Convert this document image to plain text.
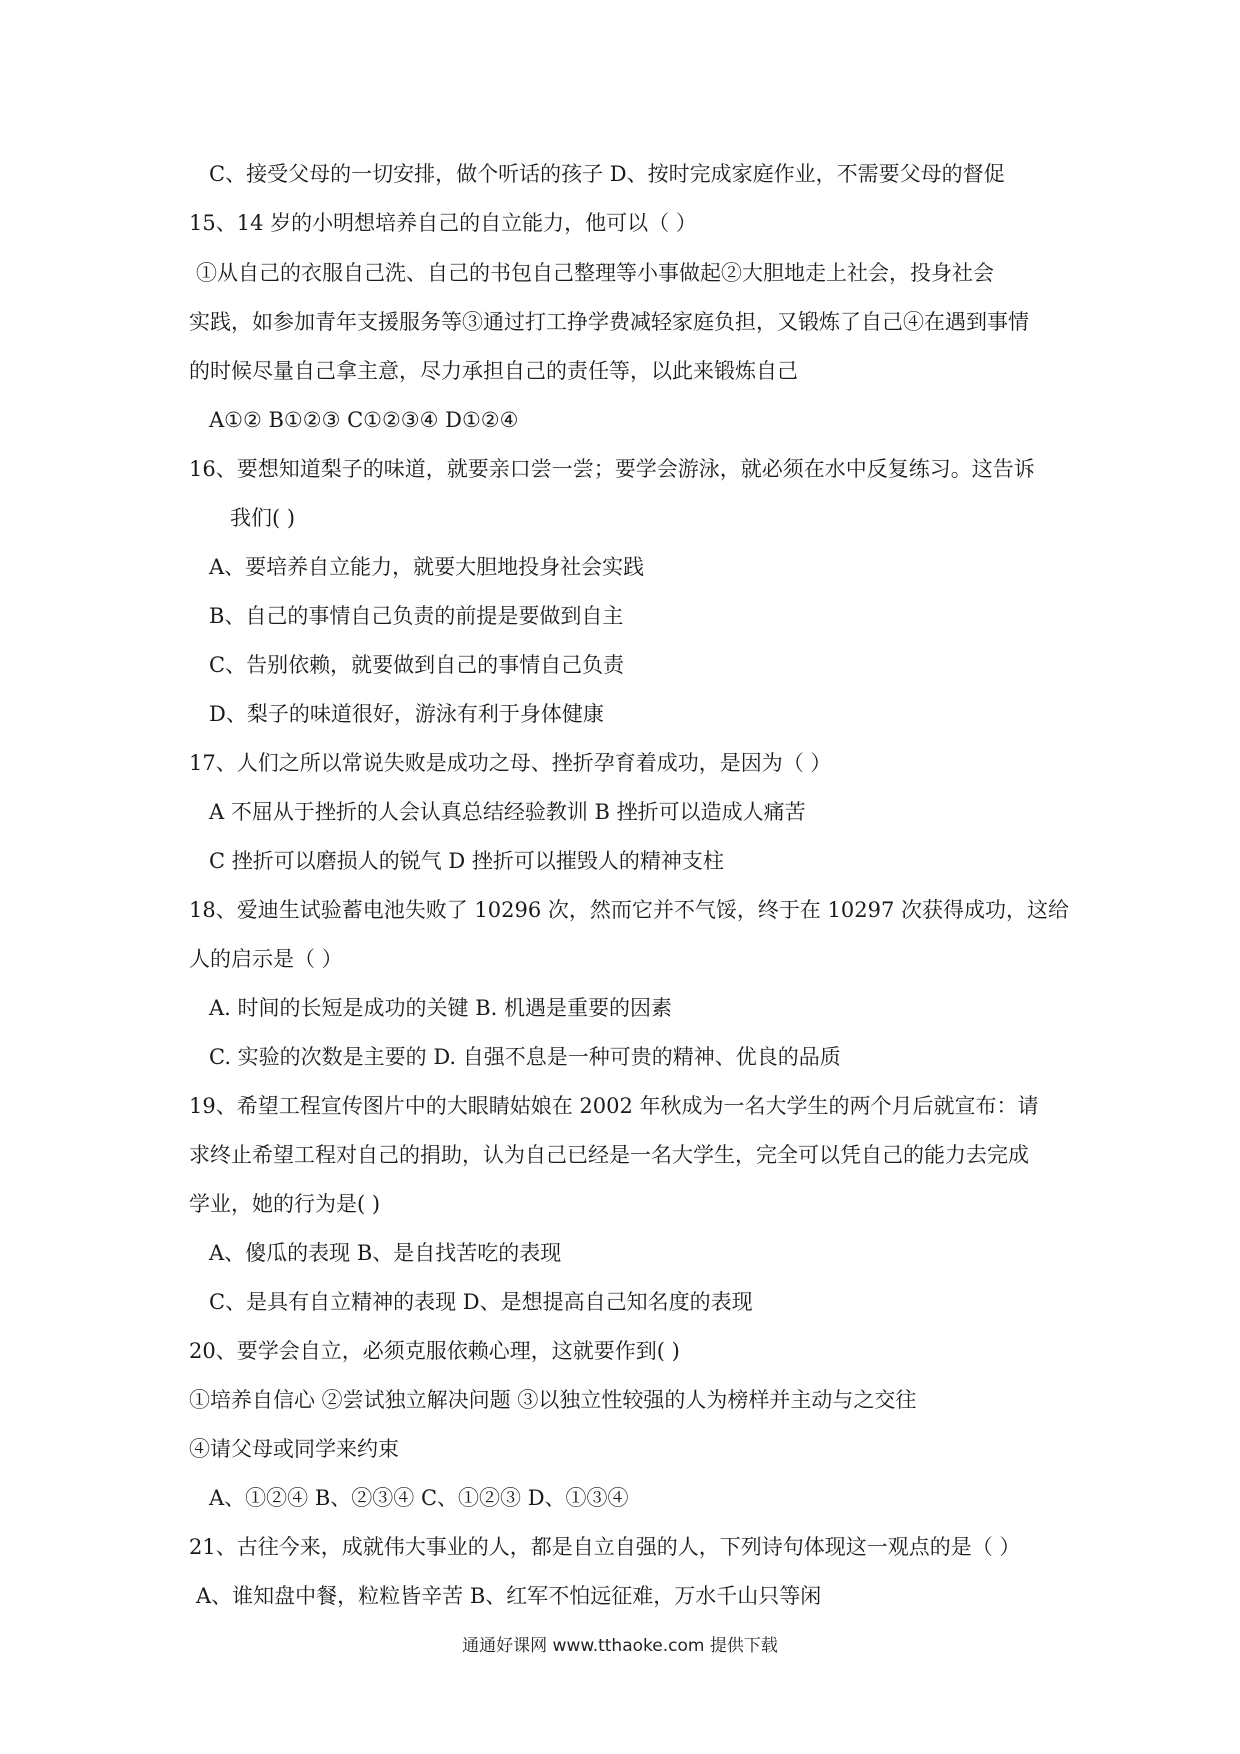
C、接受父母的一切安排，做个听话的孩子 D、按时完成家庭作业，不需要父母的督促
15、14 岁的小明想培养自己的自立能力，他可以（ ）
①从自己的衣服自己洗、自己的书包自己整理等小事做起②大胆地走上社会，投身社会
实践，如参加青年支援服务等③通过打工挣学费减轻家庭负担，又锻炼了自己④在遇到事情
的时候尽量自己拿主意，尽力承担自己的责任等，以此来锻炼自己
A①② B①②③ C①②③④ D①②④
16、要想知道梨子的味道，就要亲口尝一尝；要学会游泳，就必须在水中反复练习。这告诉
我们( )
A、要培养自立能力，就要大胆地投身社会实践
B、自己的事情自己负责的前提是要做到自主
C、告别依赖，就要做到自己的事情自己负责
D、梨子的味道很好，游泳有利于身体健康
17、人们之所以常说失败是成功之母、挫折孕育着成功，是因为（ ）
A 不屈从于挫折的人会认真总结经验教训 B 挫折可以造成人痛苦
C 挫折可以磨损人的锐气 D 挫折可以摧毁人的精神支柱
18、爱迪生试验蓄电池失败了 10296 次，然而它并不气馁，终于在 10297 次获得成功，这给
人的启示是（ ）
A. 时间的长短是成功的关键 B. 机遇是重要的因素
C. 实验的次数是主要的 D. 自强不息是一种可贵的精神、优良的品质
19、希望工程宣传图片中的大眼睛姑娘在 2002 年秋成为一名大学生的两个月后就宣布：请
求终止希望工程对自己的捐助，认为自己已经是一名大学生，完全可以凭自己的能力去完成
学业，她的行为是( )
A、傻瓜的表现 B、是自找苦吃的表现
C、是具有自立精神的表现 D、是想提高自己知名度的表现
20、要学会自立，必须克服依赖心理，这就要作到( )
①培养自信心 ②尝试独立解决问题 ③以独立性较强的人为榜样并主动与之交往
④请父母或同学来约束
A、①②④ B、②③④ C、①②③ D、①③④
21、古往今来，成就伟大事业的人，都是自立自强的人，下列诗句体现这一观点的是（ ）
A、谁知盘中餐，粒粒皆辛苦 B、红军不怕远征难，万水千山只等闲
通通好课网 www.tthaoke.com 提供下载
